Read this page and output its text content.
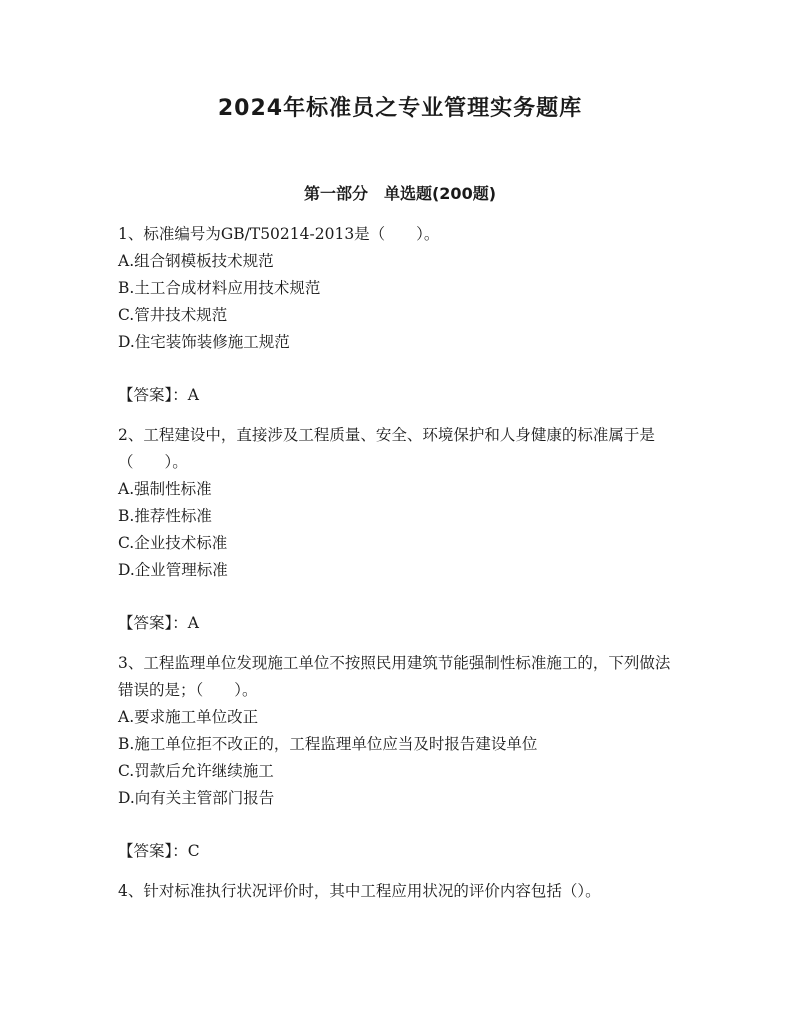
2024年标准员之专业管理实务题库
第一部分　单选题(200题)

1、标准编号为GB/T50214-2013是（　　）。

A.组合钢模板技术规范

B.土工合成材料应用技术规范

C.管井技术规范

D.住宅装饰装修施工规范

【答案】：A

2、工程建设中，直接涉及工程质量、安全、环境保护和人身健康的标准属于是（　　）。

A.强制性标准

B.推荐性标准

C.企业技术标准

D.企业管理标准

【答案】：A

3、工程监理单位发现施工单位不按照民用建筑节能强制性标准施工的，下列做法错误的是；（　　）。

A.要求施工单位改正

B.施工单位拒不改正的，工程监理单位应当及时报告建设单位

C.罚款后允许继续施工

D.向有关主管部门报告

【答案】：C

4、针对标准执行状况评价时，其中工程应用状况的评价内容包括（）。
